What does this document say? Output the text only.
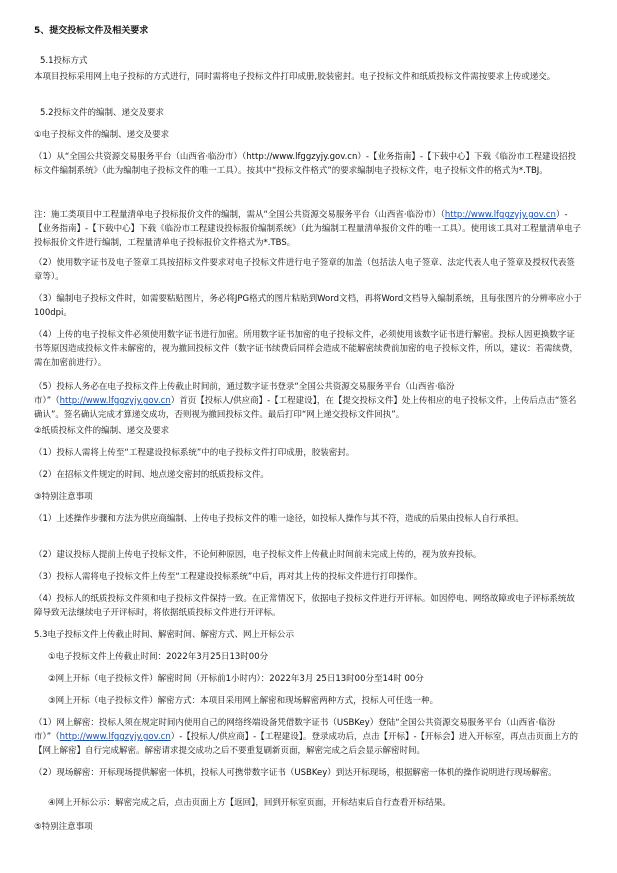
5、提交投标文件及相关要求

5.1投标方式

本项目投标采用网上电子投标的方式进行，同时需将电子投标文件打印成册,胶装密封。电子投标文件和纸质投标文件需按要求上传或递交。

5.2投标文件的编制、递交及要求

①电子投标文件的编制、递交及要求

（1）从“全国公共资源交易服务平台（山西省·临汾市）（http://www.lfggzyjy.gov.cn）-【业务指南】-【下载中心】下载《临汾市工程建设招投标文件编制系统》（此为编制电子投标文件的唯一工具）。按其中“投标文件格式”的要求编制电子投标文件，电子投标文件的格式为*.TBJ。

注：施工类项目中工程量清单电子投标报价文件的编制，需从“全国公共资源交易服务平台（山西省·临汾市）（http://www.lfggzyjy.gov.cn）-【业务指南】-【下载中心】下载《临汾市工程建设投标报价编制系统》（此为编制工程量清单报价文件的唯一工具）。使用该工具对工程量清单电子投标报价文件进行编制，工程量清单电子投标报价文件格式为*.TBS。

（2）使用数字证书及电子签章工具按招标文件要求对电子投标文件进行电子签章的加盖（包括法人电子签章、法定代表人电子签章及授权代表签章等）。

（3）编制电子投标文件时，如需要粘贴图片，务必将JPG格式的图片粘贴到Word文档，再将Word文档导入编制系统，且每张图片的分辨率应小于100dpi。

（4）上传的电子投标文件必须使用数字证书进行加密。所用数字证书加密的电子投标文件，必须使用该数字证书进行解密。投标人因更换数字证书等原因造成投标文件未解密的，视为撤回投标文件（数字证书续费后同样会造成不能解密续费前加密的电子投标文件，所以，建议：若需续费，需在加密前进行）。

（5）投标人务必在电子投标文件上传截止时间前，通过数字证书登录“全国公共资源交易服务平台（山西省·临汾市）”（http://www.lfggzyjy.gov.cn）首页【投标人/供应商】-【工程建设】，在【提交投标文件】处上传相应的电子投标文件，上传后点击“签名确认”。签名确认完成才算递交成功，否则视为撤回投标文件。最后打印“网上递交投标文件回执”。

②纸质投标文件的编制、递交及要求

（1）投标人需将上传至“工程建设投标系统”中的电子投标文件打印成册，胶装密封。

（2）在招标文件规定的时间、地点递交密封的纸质投标文件。

③特别注意事项

（1）上述操作步骤和方法为供应商编制、上传电子投标文件的唯一途径，如投标人操作与其不符，造成的后果由投标人自行承担。

（2）建议投标人提前上传电子投标文件，不论何种原因，电子投标文件上传截止时间前未完成上传的，视为放弃投标。

（3）投标人需将电子投标文件上传至“工程建设投标系统”中后，再对其上传的投标文件进行打印操作。

（4）投标人的纸质投标文件须和电子投标文件保持一致。在正常情况下，依据电子投标文件进行开评标。如因停电、网络故障或电子评标系统故障导致无法继续电子开评标时，将依据纸质投标文件进行开评标。

5.3电子投标文件上传截止时间、解密时间、解密方式、网上开标公示

①电子投标文件上传截止时间：2022年3月25日13时00分

②网上开标（电子投标文件）解密时间（开标前1小时内）：2022年3月 25日13时00分至14时 00分

③网上开标（电子投标文件）解密方式：本项目采用网上解密和现场解密两种方式，投标人可任选一种。

（1）网上解密：投标人须在规定时间内使用自己的网络终端设备凭借数字证书（USBKey）登陆“全国公共资源交易服务平台（山西省·临汾市）”（http://www.lfggzyjy.gov.cn）-【投标人/供应商】-【工程建设】。登录成功后，点击【开标】-【开标会】进入开标室，再点击页面上方的【网上解密】自行完成解密。解密请求提交成功之后不要重复刷新页面，解密完成之后会显示解密时间。

（2）现场解密：开标现场提供解密一体机，投标人可携带数字证书（USBKey）到达开标现场，根据解密一体机的操作说明进行现场解密。

④网上开标公示：解密完成之后，点击页面上方【返回】，回到开标室页面，开标结束后自行查看开标结果。

⑤特别注意事项
